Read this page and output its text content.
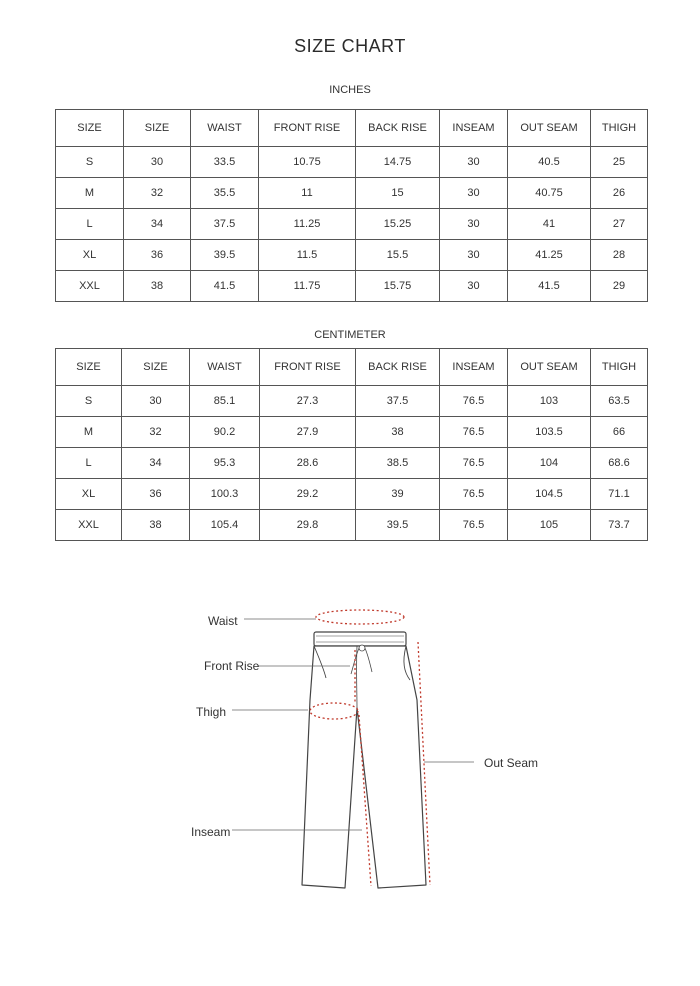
SIZE CHART
INCHES
SIZE	SIZE	WAIST	FRONT RISE	BACK RISE	INSEAM	OUT SEAM	THIGH
S	30	33.5	10.75	14.75	30	40.5	25
M	32	35.5	11	15	30	40.75	26
L	34	37.5	11.25	15.25	30	41	27
XL	36	39.5	11.5	15.5	30	41.25	28
XXL	38	41.5	11.75	15.75	30	41.5	29
CENTIMETER
SIZE	SIZE	WAIST	FRONT RISE	BACK RISE	INSEAM	OUT SEAM	THIGH
S	30	85.1	27.3	37.5	76.5	103	63.5
M	32	90.2	27.9	38	76.5	103.5	66
L	34	95.3	28.6	38.5	76.5	104	68.6
XL	36	100.3	29.2	39	76.5	104.5	71.1
XXL	38	105.4	29.8	39.5	76.5	105	73.7
Waist
Front Rise
Thigh
Out Seam
Inseam
